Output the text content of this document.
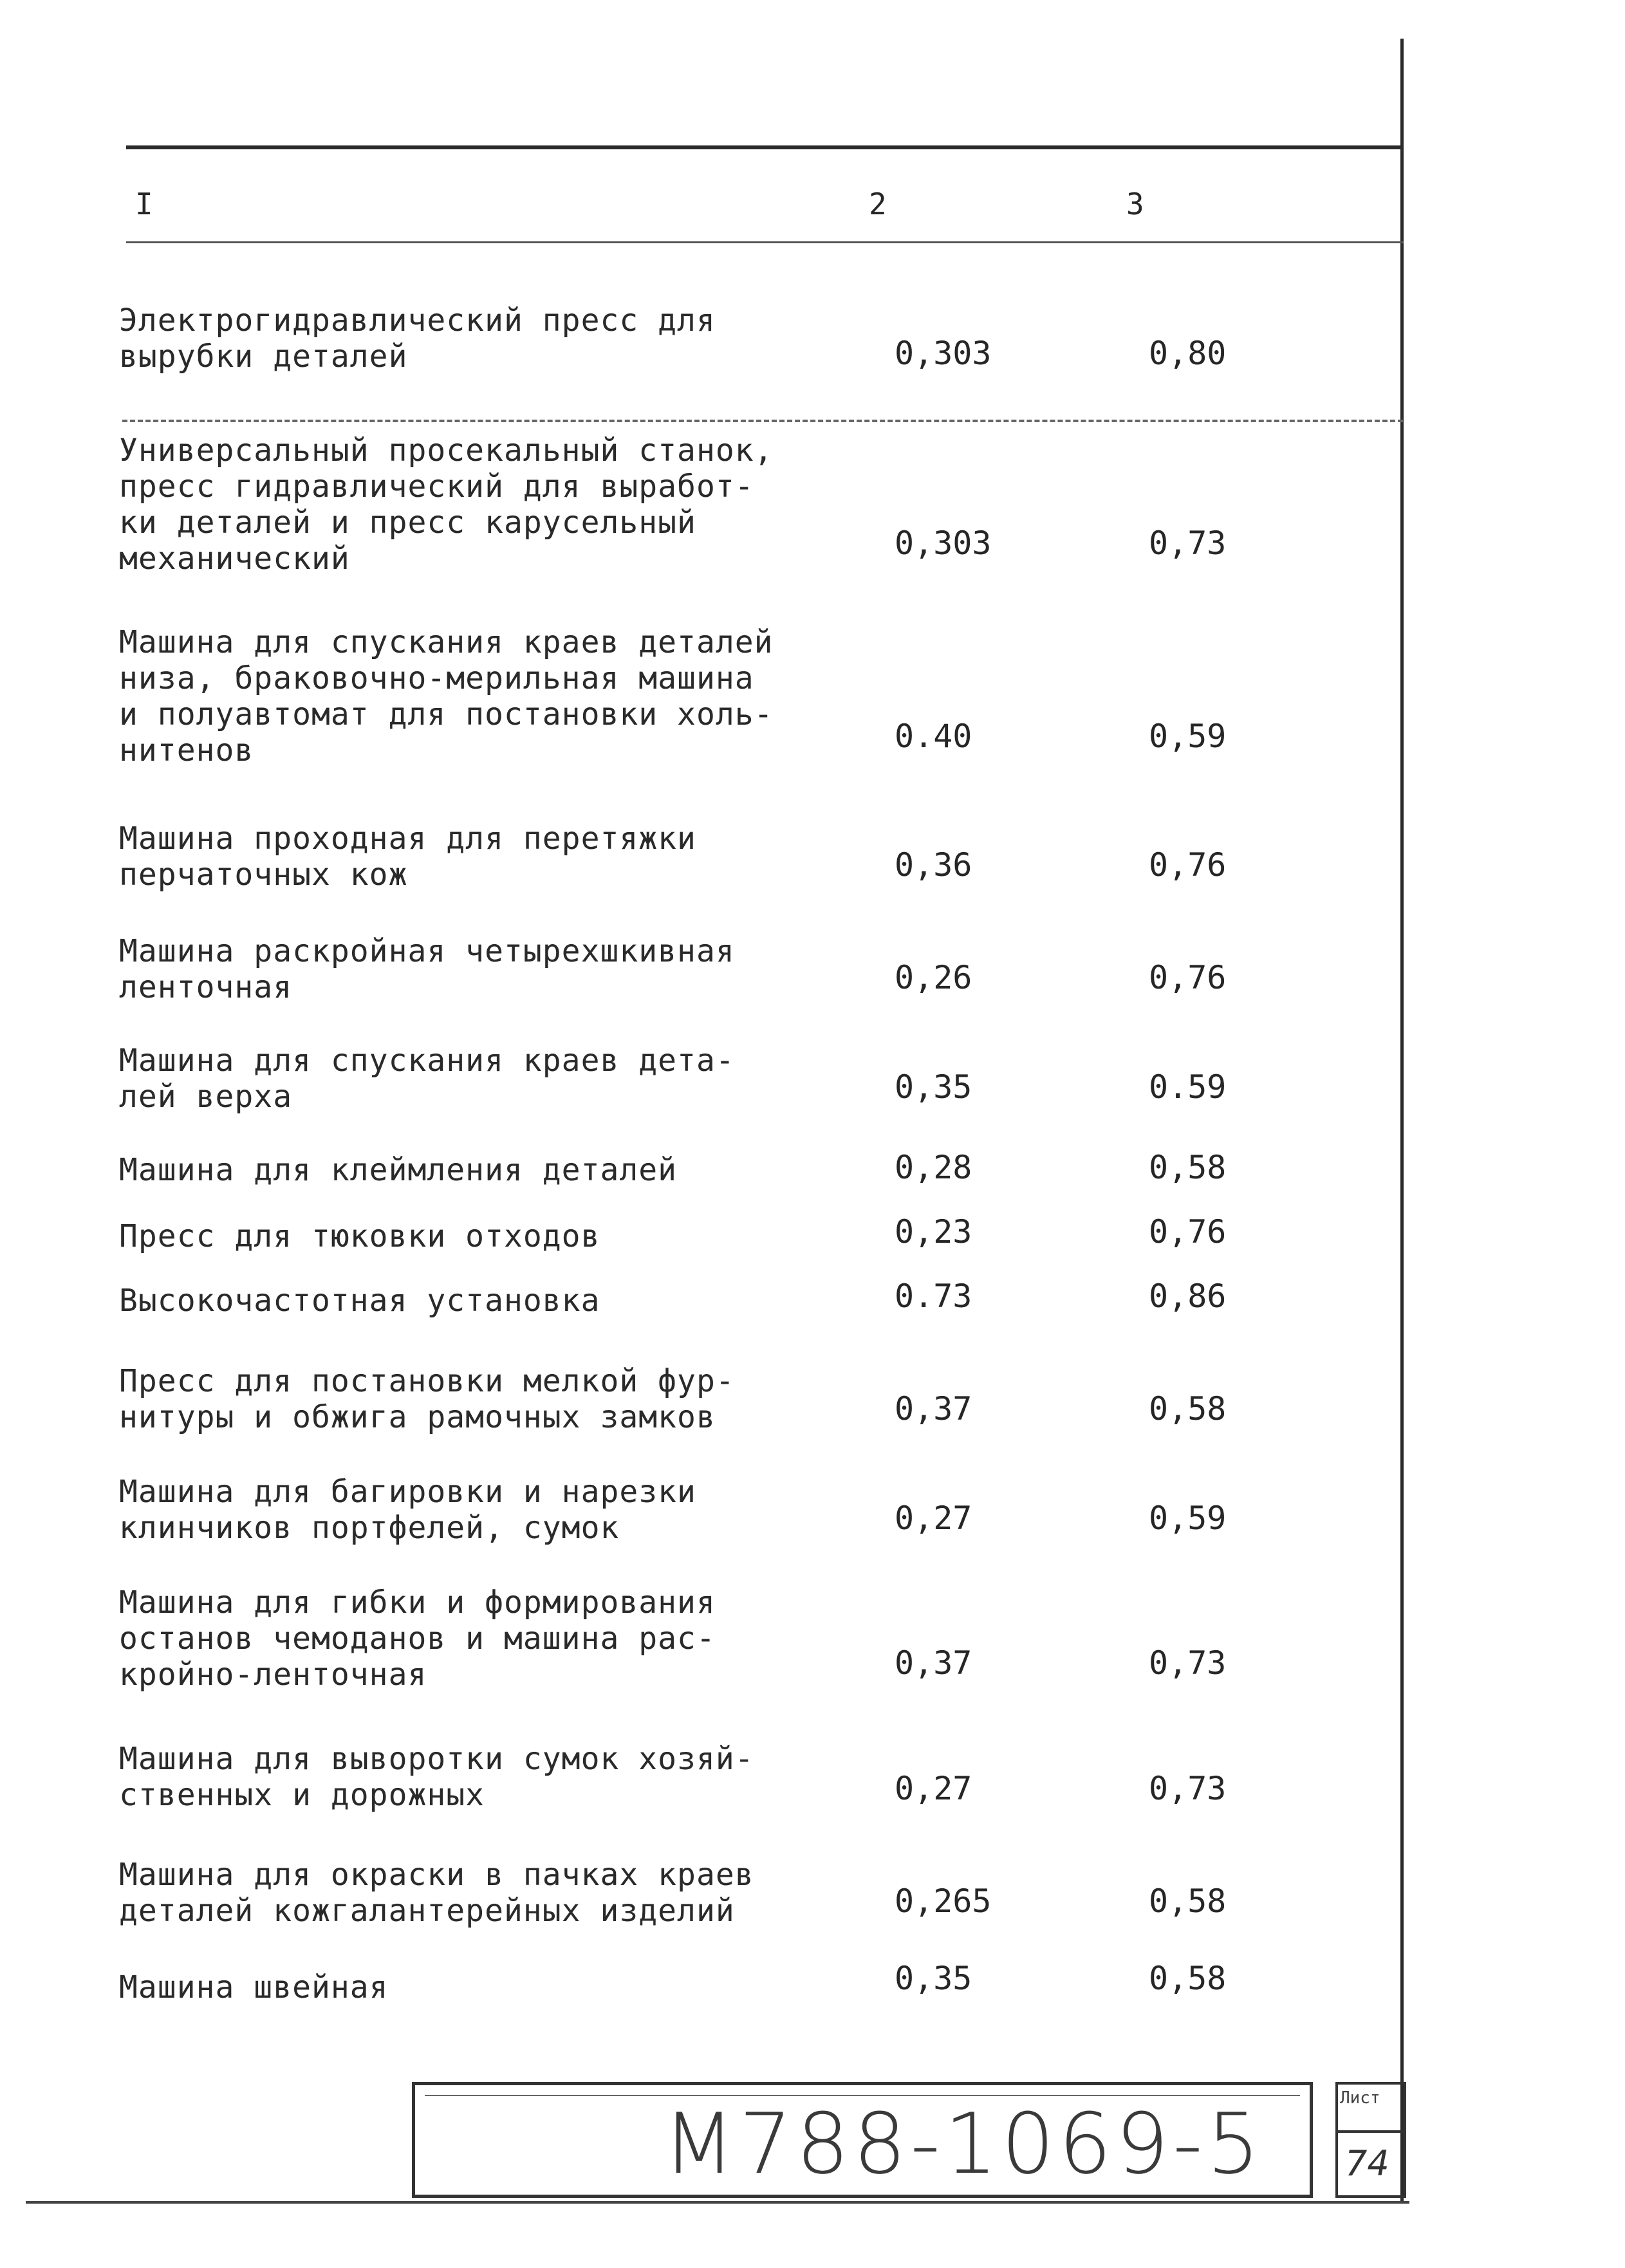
I	2	3
Электрогидравлический пресс для
вырубки деталей	0,303	0,80
Универсальный просекальный станок,
пресс гидравлический для выработ-
ки деталей и пресс карусельный
механический	0,303	0,73
Машина для спускания краев деталей
низа, браковочно-мерильная машина
и полуавтомат для постановки холь-
нитенов	0.40	0,59
Машина проходная для перетяжки
перчаточных кож	0,36	0,76
Машина раскройная четырехшкивная
ленточная	0,26	0,76
Машина для спускания краев дета-
лей верха	0,35	0.59
Машина для клеймления деталей	0,28	0,58
Пресс для тюковки отходов	0,23	0,76
Высокочастотная установка	0.73	0,86
Пресс для постановки мелкой фур-
нитуры и обжига рамочных замков	0,37	0,58
Машина для багировки и нарезки
клинчиков портфелей, сумок	0,27	0,59
Машина для гибки и формирования
останов чемоданов и машина рас-
кройно-ленточная	0,37	0,73
Машина для выворотки сумок хозяй-
ственных и дорожных	0,27	0,73
Машина для окраски в пачках краев
деталей кожгалантерейных изделий	0,265	0,58
Машина швейная	0,35	0,58
М788-1069-5	Лист
74
